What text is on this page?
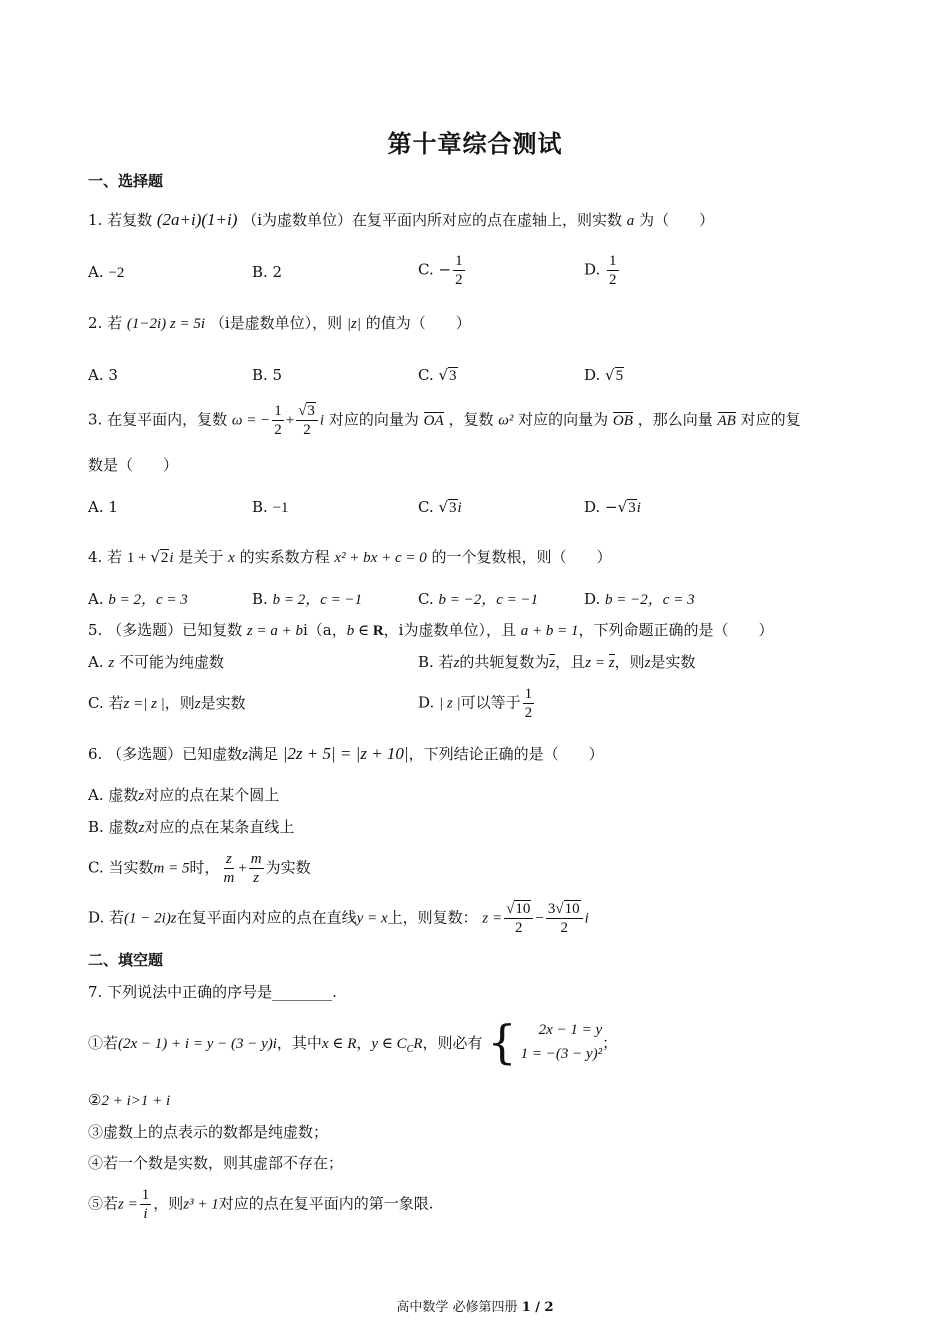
第十章综合测试
一、选择题
1. 若复数 (2a+i)(1+i) （i为虚数单位）在复平面内所对应的点在虚轴上，则实数 a 为（　　）
A. −2	B. 2	C. − $\frac{1}{2}$	D. $\frac{1}{2}$
2. 若 (1−2i) z = 5i （i是虚数单位），则 |z| 的值为（　　）
A. 3	B. 5	C. √3	D. √5
3. 在复平面内，复数 ω = − $\frac{1}{2} + \frac{√3}{2}$ i 对应的向量为 OA ，复数 ω² 对应的向量为 OB ，那么向量 AB 对应的复
数是（　　）
A. 1	B. −1	C. √3i	D. −√3i
4. 若 1 + √2i 是关于 x 的实系数方程 x² + bx + c = 0 的一个复数根，则（　　）
A. b = 2，c = 3	B. b = 2，c = −1	C. b = −2，c = −1	D. b = −2，c = 3
5. （多选题）已知复数 z = a + bi（a，b ∈ R，i为虚数单位），且 a + b = 1，下列命题正确的是（　　）
A. z 不可能为纯虚数	B. 若z的共轭复数为z，且z = z，则z是实数
C. 若z =| z |，则z是实数	D. | z |可以等于 $\frac{1}{2}$
6. （多选题）已知虚数z满足 |2z + 5| = |z + 10|，下列结论正确的是（　　）
A. 虚数z对应的点在某个圆上
B. 虚数z对应的点在某条直线上
C. 当实数m = 5时， $\frac{z}{m} + \frac{m}{z}$ 为实数
D. 若(1 − 2i)z在复平面内对应的点在直线y = x上，则复数： $z = \frac{√10}{2} - \frac{3√10}{2}$ i
二、填空题
7. 下列说法中正确的序号是________.
①若(2x − 1) + i = y − (3 − y)i，其中x ∈ R，y ∈ $C_CR$，则必有 {	2x − 1 = y
1 = −(3 − y)²
；
②2 + i>1 + i
③虚数上的点表示的数都是纯虚数；
④若一个数是实数，则其虚部不存在；
⑤若$z = \frac{1}{i}$ ，则z³ + 1对应的点在复平面内的第一象限.
高中数学 必修第四册 1 / 2
